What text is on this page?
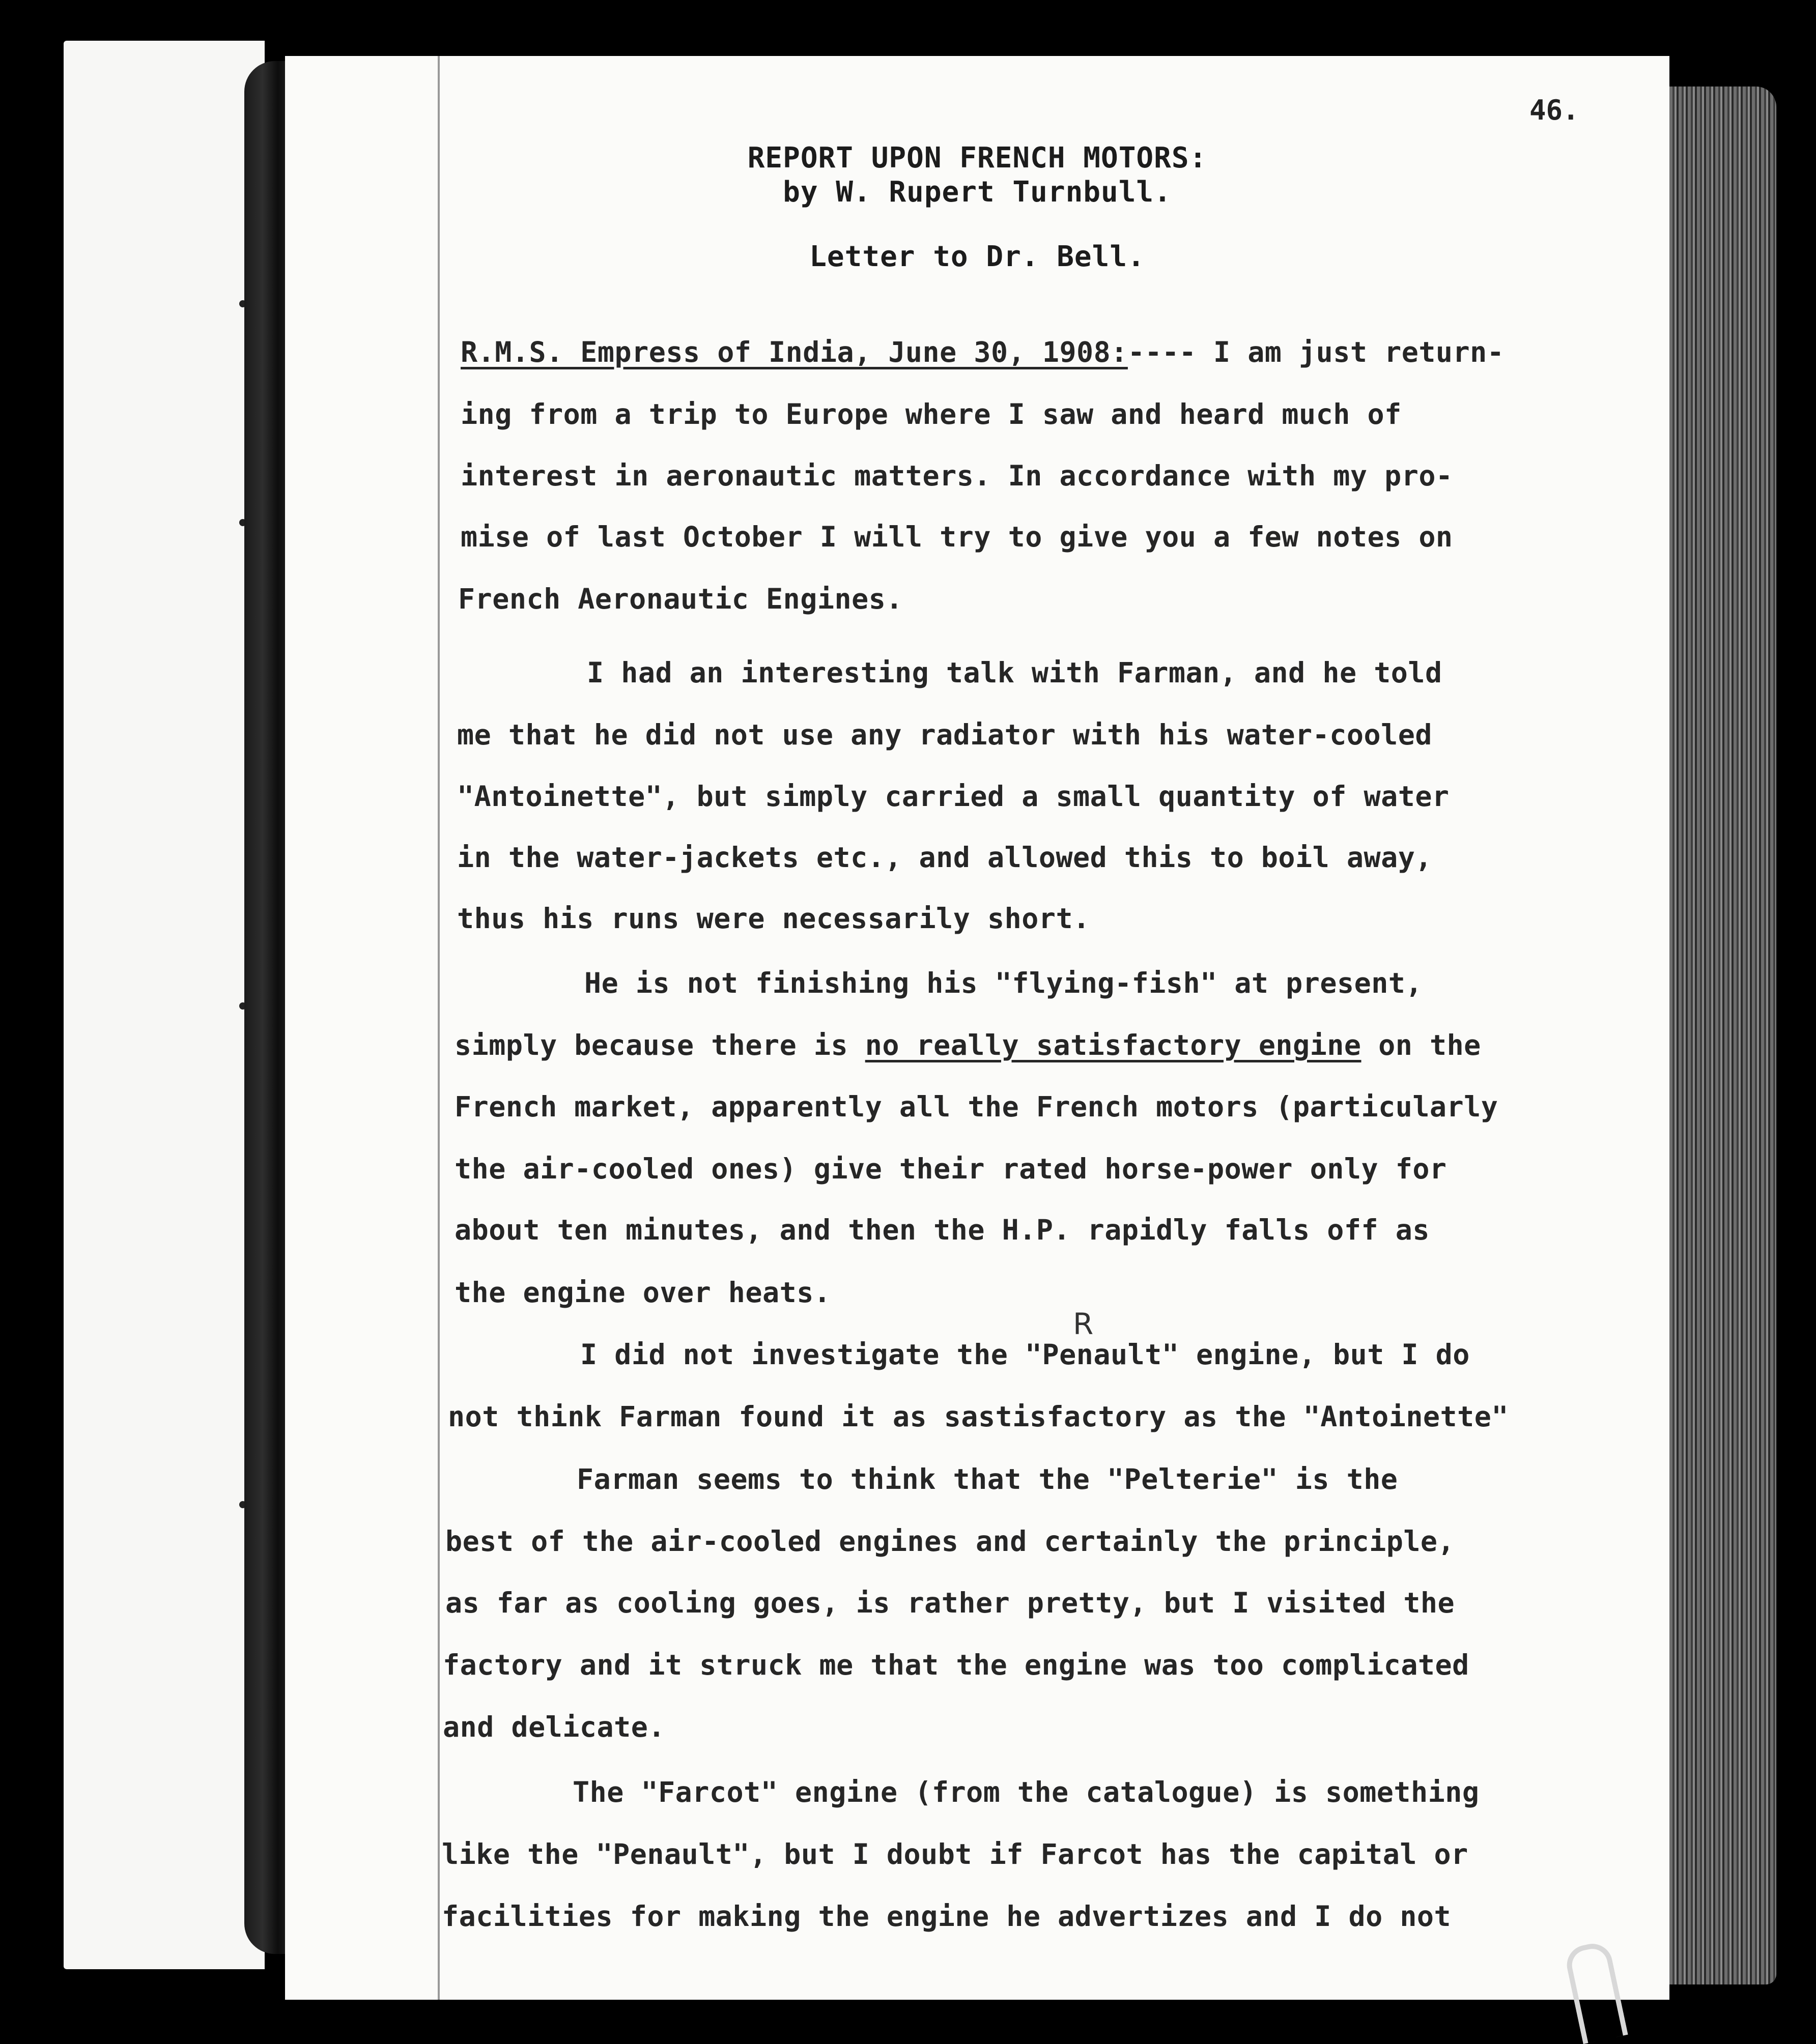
46.
REPORT UPON FRENCH MOTORS:
by W. Rupert Turnbull.
Letter to Dr. Bell.
R.M.S. Empress of India, June 30, 1908:---- I am just return-
ing from a trip to Europe where I saw and heard much of
interest in aeronautic matters. In accordance with my pro-
mise of last October I will try to give you a few notes on
French Aeronautic Engines.
I had an interesting talk with Farman, and he told
me that he did not use any radiator with his water-cooled
"Antoinette", but simply carried a small quantity of water
in the water-jackets etc., and allowed this to boil away,
thus his runs were necessarily short.
He is not finishing his "flying-fish" at present,
simply because there is no really satisfactory engine on the
French market, apparently all the French motors (particularly
the air-cooled ones) give their rated horse-power only for
about ten minutes, and then the H.P. rapidly falls off as
the engine over heats.
R
I did not investigate the "Penault" engine, but I do
not think Farman found it as sastisfactory as the "Antoinette"
Farman seems to think that the "Pelterie" is the
best of the air-cooled engines and certainly the principle,
as far as cooling goes, is rather pretty, but I visited the
factory and it struck me that the engine was too complicated
and delicate.
The "Farcot" engine (from the catalogue) is something
like the "Penault", but I doubt if Farcot has the capital or
facilities for making the engine he advertizes and I do not
